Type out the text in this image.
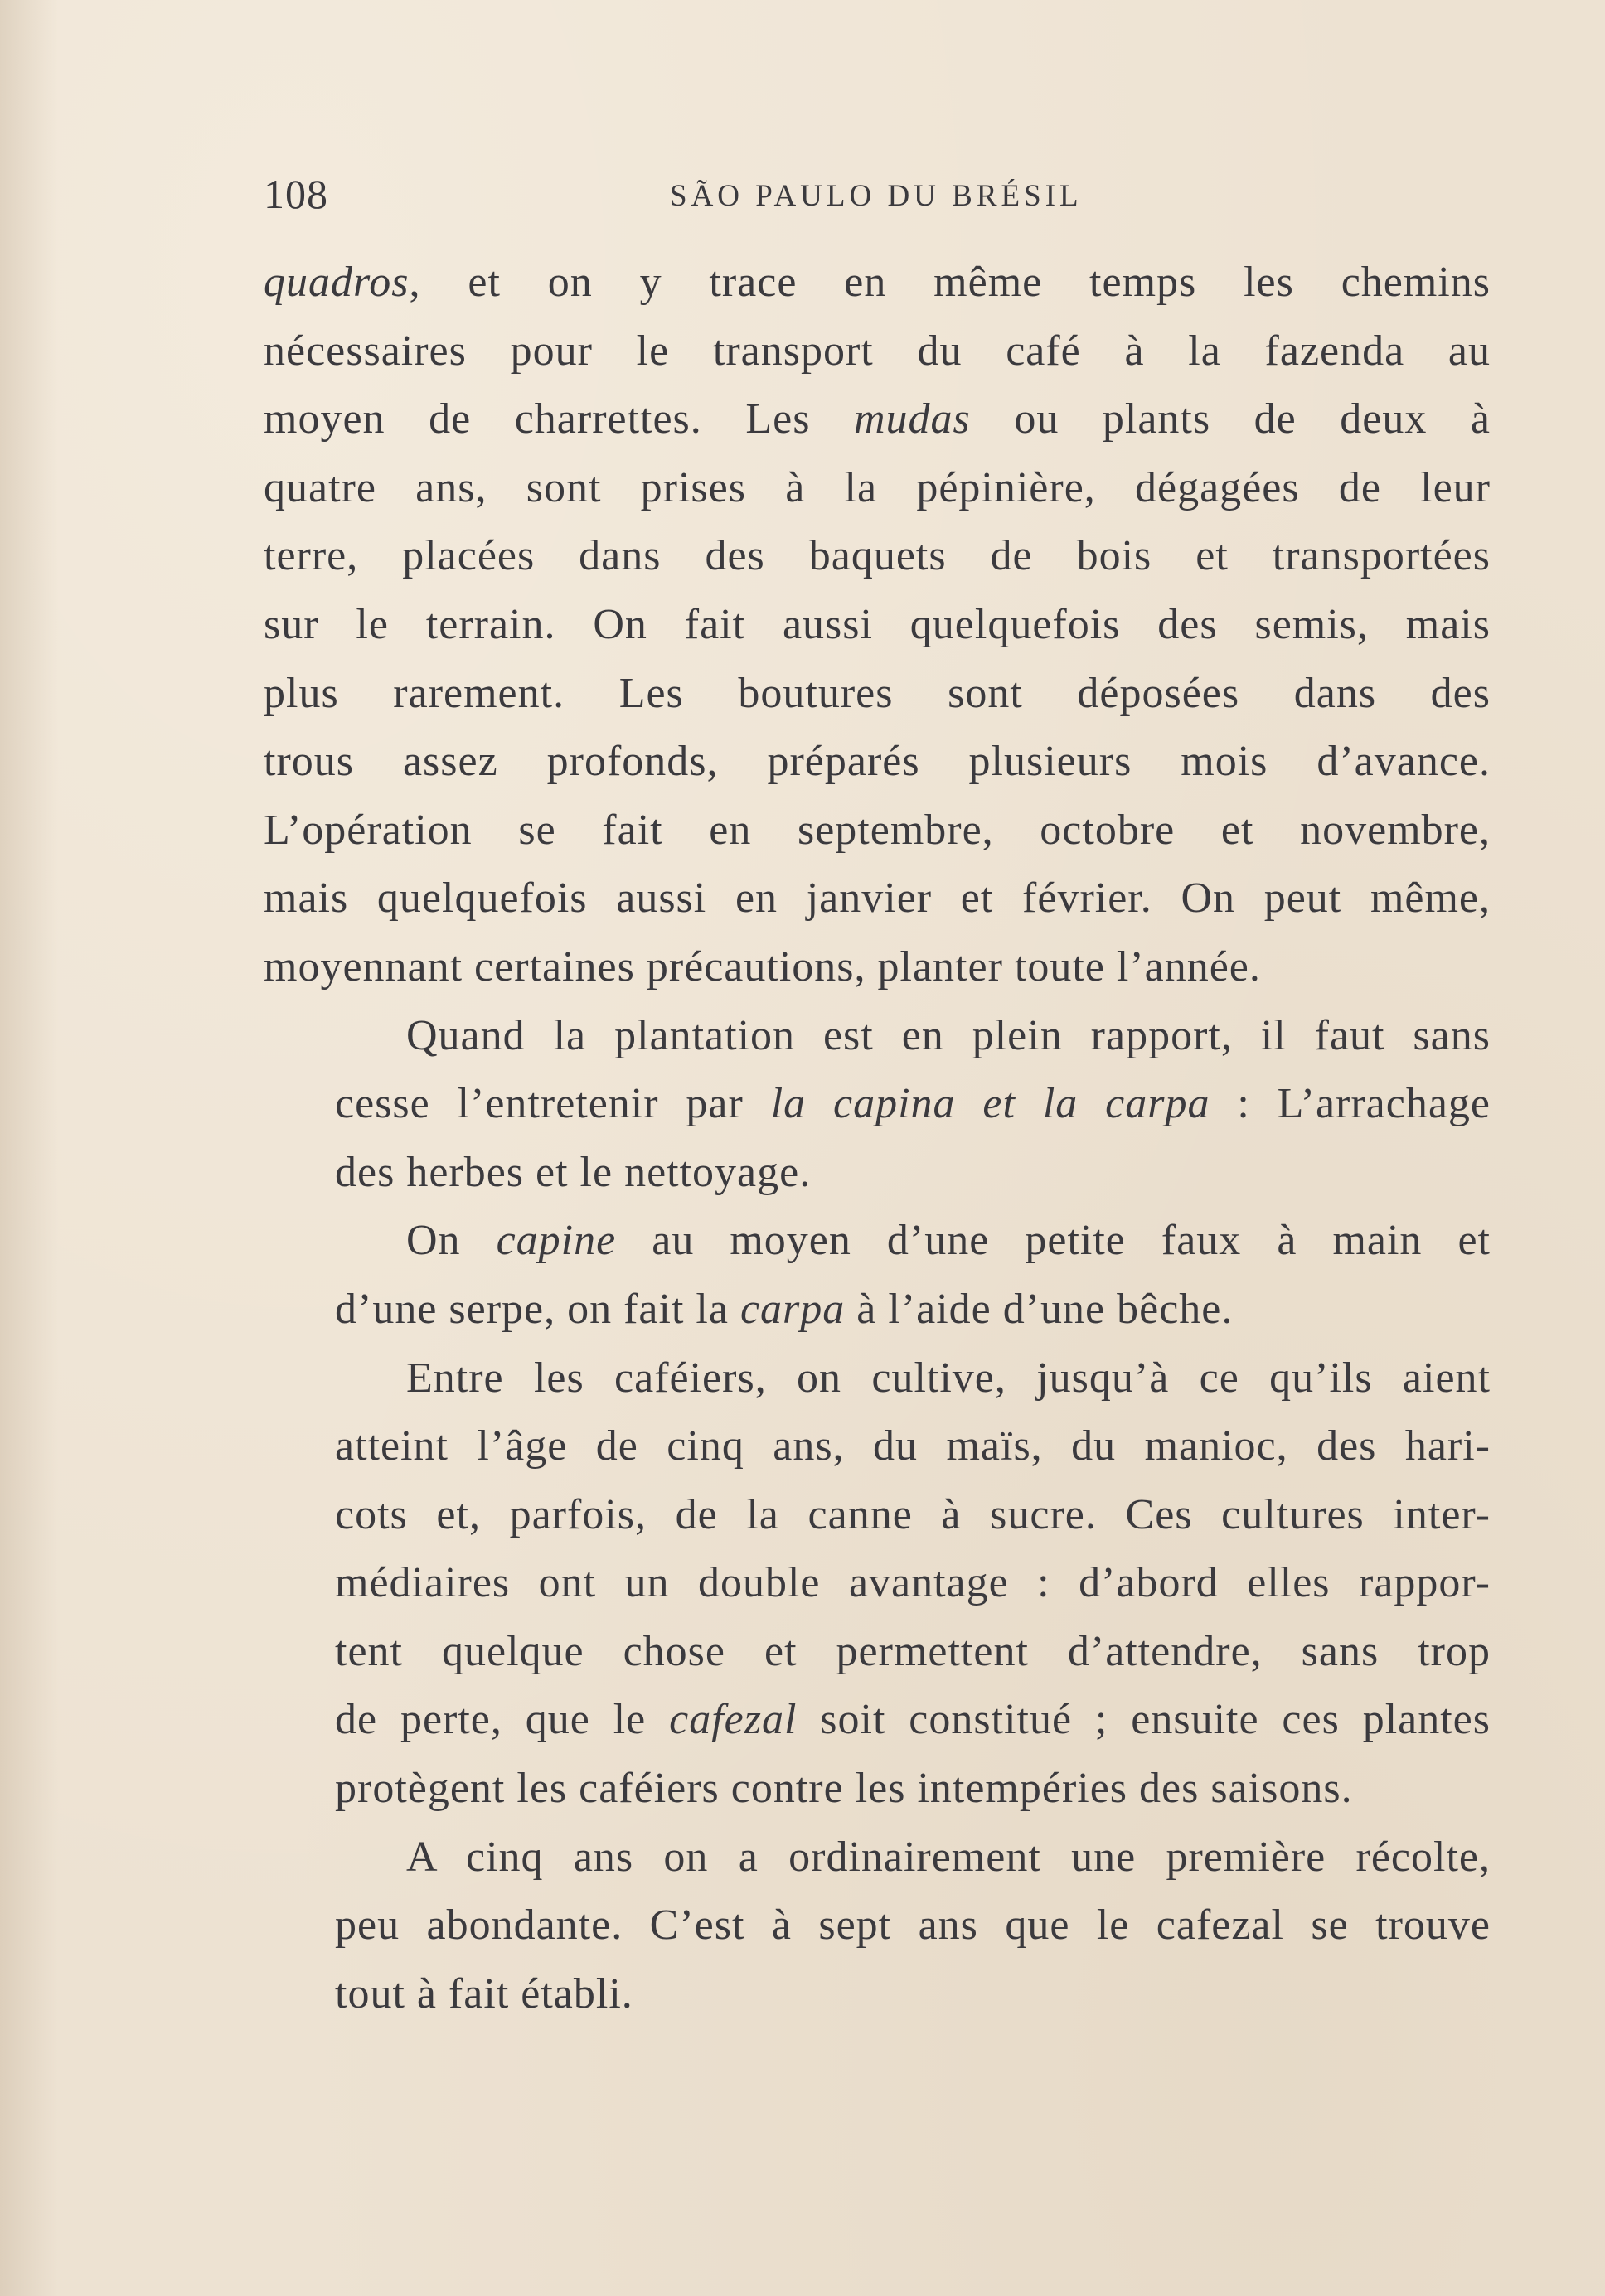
108	SÃO PAULO DU BRÉSIL
quadros, et on y trace en même temps les chemins
nécessaires pour le transport du café à la fazenda au
moyen de charrettes. Les mudas ou plants de deux à
quatre ans, sont prises à la pépinière, dégagées de leur
terre, placées dans des baquets de bois et transportées
sur le terrain. On fait aussi quelquefois des semis, mais
plus rarement. Les boutures sont déposées dans des
trous assez profonds, préparés plusieurs mois d’avance.
L’opération se fait en septembre, octobre et novembre,
mais quelquefois aussi en janvier et février. On peut même,
moyennant certaines précautions, planter toute l’année.
Quand la plantation est en plein rapport, il faut sans
cesse l’entretenir par la capina et la carpa : L’arrachage
des herbes et le nettoyage.
On capine au moyen d’une petite faux à main et
d’une serpe, on fait la carpa à l’aide d’une bêche.
Entre les caféiers, on cultive, jusqu’à ce qu’ils aient
atteint l’âge de cinq ans, du maïs, du manioc, des hari-
cots et, parfois, de la canne à sucre. Ces cultures inter-
médiaires ont un double avantage : d’abord elles rappor-
tent quelque chose et permettent d’attendre, sans trop
de perte, que le cafezal soit constitué ; ensuite ces plantes
protègent les caféiers contre les intempéries des saisons.
A cinq ans on a ordinairement une première récolte,
peu abondante. C’est à sept ans que le cafezal se trouve
tout à fait établi.
